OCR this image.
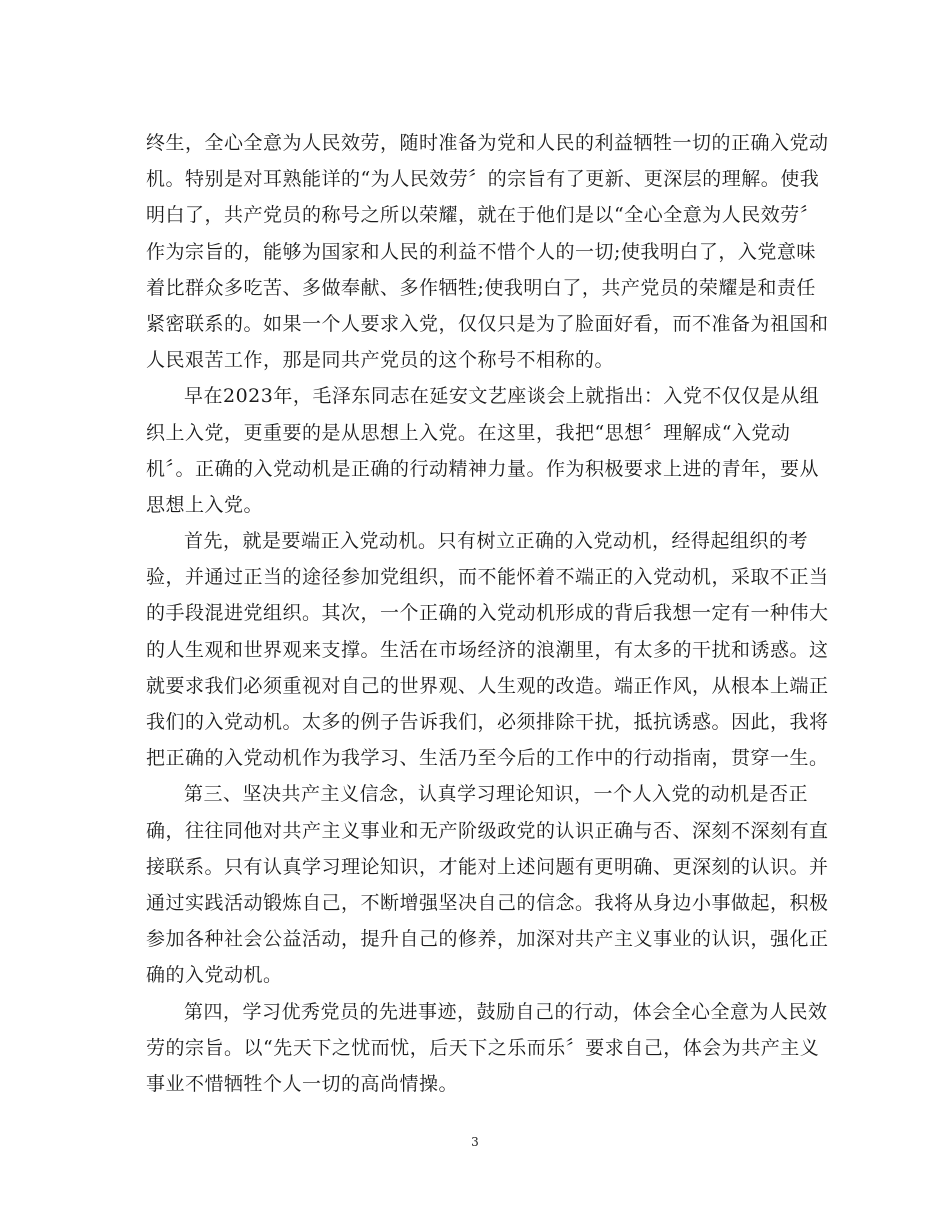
终生，全心全意为人民效劳，随时准备为党和人民的利益牺牲一切的正确入党动
机。特别是对耳熟能详的“为人民效劳〞的宗旨有了更新、更深层的理解。使我
明白了，共产党员的称号之所以荣耀，就在于他们是以“全心全意为人民效劳〞
作为宗旨的，能够为国家和人民的利益不惜个人的一切;使我明白了，入党意味
着比群众多吃苦、多做奉献、多作牺牲;使我明白了，共产党员的荣耀是和责任
紧密联系的。如果一个人要求入党，仅仅只是为了脸面好看，而不准备为祖国和
人民艰苦工作，那是同共产党员的这个称号不相称的。
早在2023年，毛泽东同志在延安文艺座谈会上就指出：入党不仅仅是从组
织上入党，更重要的是从思想上入党。在这里，我把“思想〞理解成“入党动
机〞。正确的入党动机是正确的行动精神力量。作为积极要求上进的青年，要从
思想上入党。
首先，就是要端正入党动机。只有树立正确的入党动机，经得起组织的考
验，并通过正当的途径参加党组织，而不能怀着不端正的入党动机，采取不正当
的手段混进党组织。其次，一个正确的入党动机形成的背后我想一定有一种伟大
的人生观和世界观来支撑。生活在市场经济的浪潮里，有太多的干扰和诱惑。这
就要求我们必须重视对自己的世界观、人生观的改造。端正作风，从根本上端正
我们的入党动机。太多的例子告诉我们，必须排除干扰，抵抗诱惑。因此，我将
把正确的入党动机作为我学习、生活乃至今后的工作中的行动指南，贯穿一生。
第三、坚决共产主义信念，认真学习理论知识，一个人入党的动机是否正
确，往往同他对共产主义事业和无产阶级政党的认识正确与否、深刻不深刻有直
接联系。只有认真学习理论知识，才能对上述问题有更明确、更深刻的认识。并
通过实践活动锻炼自己，不断增强坚决自己的信念。我将从身边小事做起，积极
参加各种社会公益活动，提升自己的修养，加深对共产主义事业的认识，强化正
确的入党动机。
第四，学习优秀党员的先进事迹，鼓励自己的行动，体会全心全意为人民效
劳的宗旨。以“先天下之忧而忧，后天下之乐而乐〞要求自己，体会为共产主义
事业不惜牺牲个人一切的高尚情操。
3
